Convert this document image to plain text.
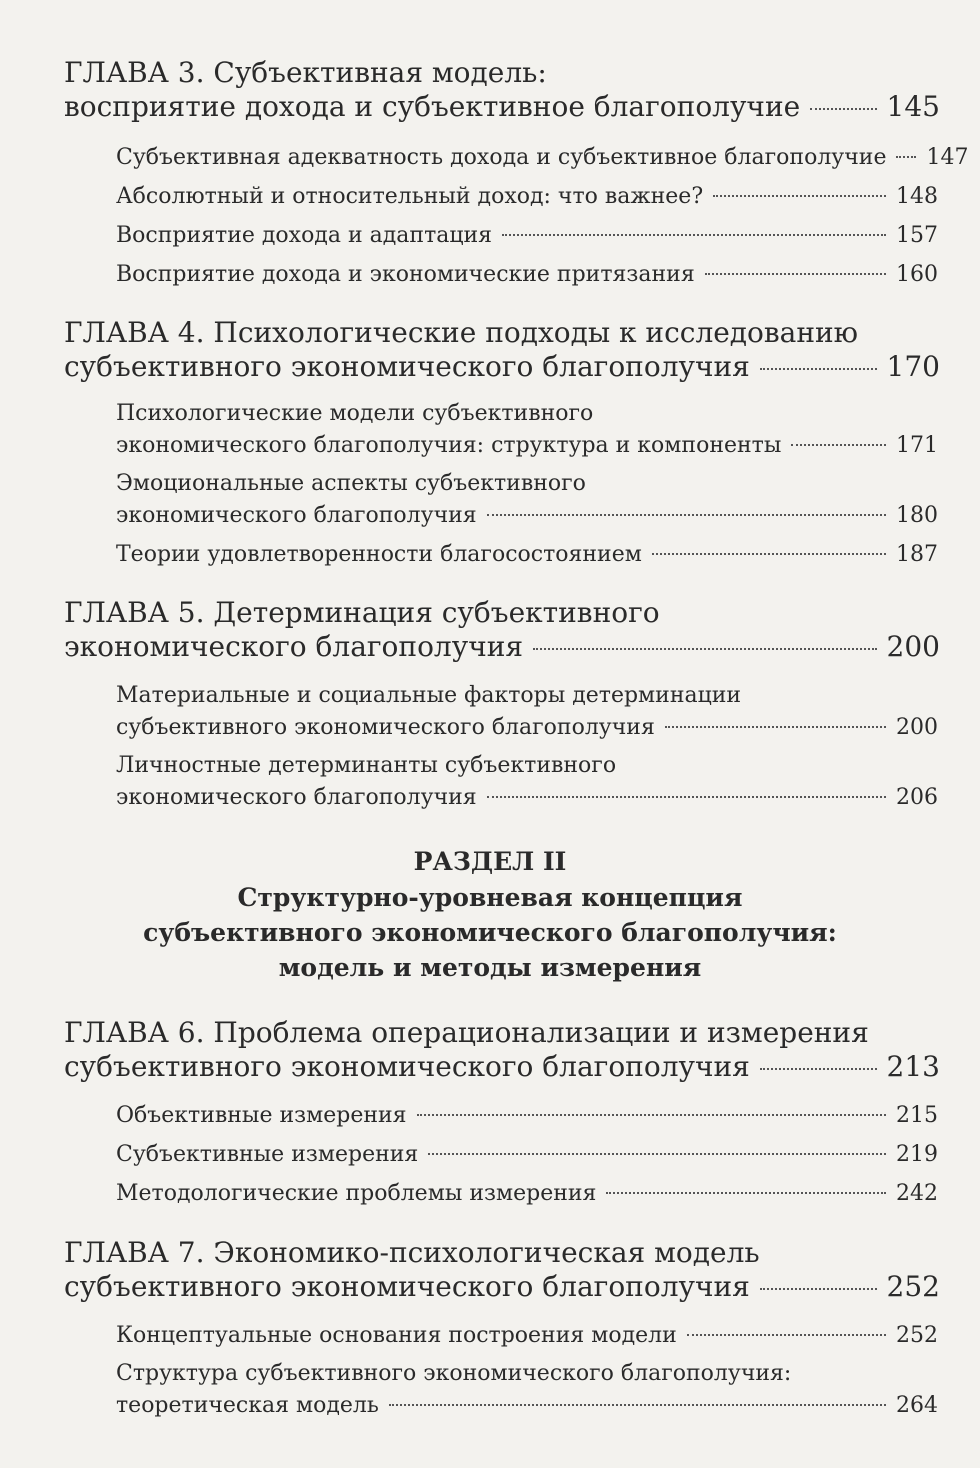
ГЛАВА 3. Субъективная модель:
восприятие дохода и субъективное благополучие	145
Субъективная адекватность дохода и субъективное благополучие 147
Абсолютный и относительный доход: что важнее?	148
Восприятие дохода и адаптация	157
Восприятие дохода и экономические притязания	160
ГЛАВА 4. Психологические подходы к исследованию
субъективного экономического благополучия	170
Психологические модели субъективного
экономического благополучия: структура и компоненты	171
Эмоциональные аспекты субъективного
экономического благополучия	180
Теории удовлетворенности благосостоянием	187
ГЛАВА 5. Детерминация субъективного
экономического благополучия	200
Материальные и социальные факторы детерминации
субъективного экономического благополучия	200
Личностные детерминанты субъективного
экономического благополучия	206
РАЗДЕЛ II
Структурно-уровневая концепция
субъективного экономического благополучия:
модель и методы измерения
ГЛАВА 6. Проблема операционализации и измерения
субъективного экономического благополучия	213
Объективные измерения	215
Субъективные измерения	219
Методологические проблемы измерения	242
ГЛАВА 7. Экономико-психологическая модель
субъективного экономического благополучия	252
Концептуальные основания построения модели	252
Структура субъективного экономического благополучия:
теоретическая модель	264
